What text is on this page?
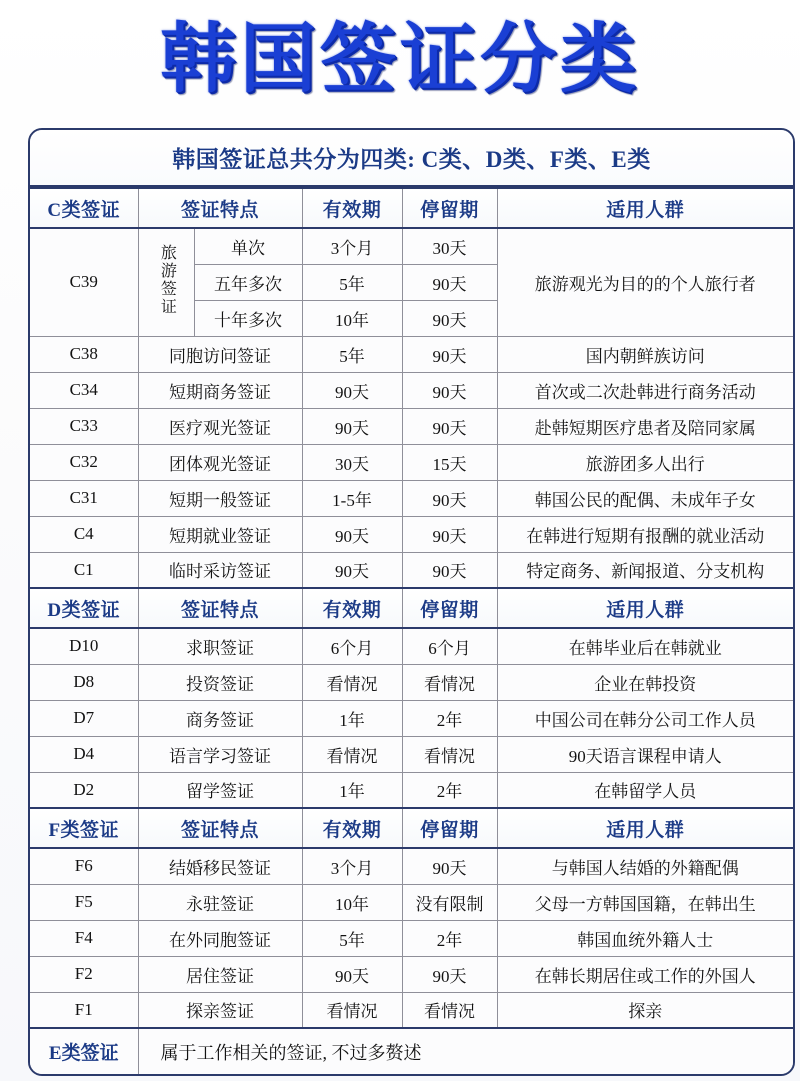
韩国签证分类
韩国签证总共分为四类: C类、D类、F类、E类
C类签证	签证特点		有效期	停留期	适用人群
C39	旅游签证	单次	3个月	30天	旅游观光为目的的个人旅行者
		五年多次	5年	90天	
		十年多次	10年	90天	
C38	同胞访问签证		5年	90天	国内朝鲜族访问
C34	短期商务签证		90天	90天	首次或二次赴韩进行商务活动
C33	医疗观光签证		90天	90天	赴韩短期医疗患者及陪同家属
C32	团体观光签证		30天	15天	旅游团多人出行
C31	短期一般签证		1-5年	90天	韩国公民的配偶、未成年子女
C4	短期就业签证		90天	90天	在韩进行短期有报酬的就业活动
C1	临时采访签证		90天	90天	特定商务、新闻报道、分支机构
D类签证	签证特点		有效期	停留期	适用人群
D10	求职签证		6个月	6个月	在韩毕业后在韩就业
D8	投资签证		看情况	看情况	企业在韩投资
D7	商务签证		1年	2年	中国公司在韩分公司工作人员
D4	语言学习签证		看情况	看情况	90天语言课程申请人
D2	留学签证		1年	2年	在韩留学人员
F类签证	签证特点		有效期	停留期	适用人群
F6	结婚移民签证		3个月	90天	与韩国人结婚的外籍配偶
F5	永驻签证		10年	没有限制	父母一方韩国国籍，在韩出生
F4	在外同胞签证		5年	2年	韩国血统外籍人士
F2	居住签证		90天	90天	在韩长期居住或工作的外国人
F1	探亲签证		看情况	看情况	探亲
E类签证	属于工作相关的签证, 不过多赘述				
